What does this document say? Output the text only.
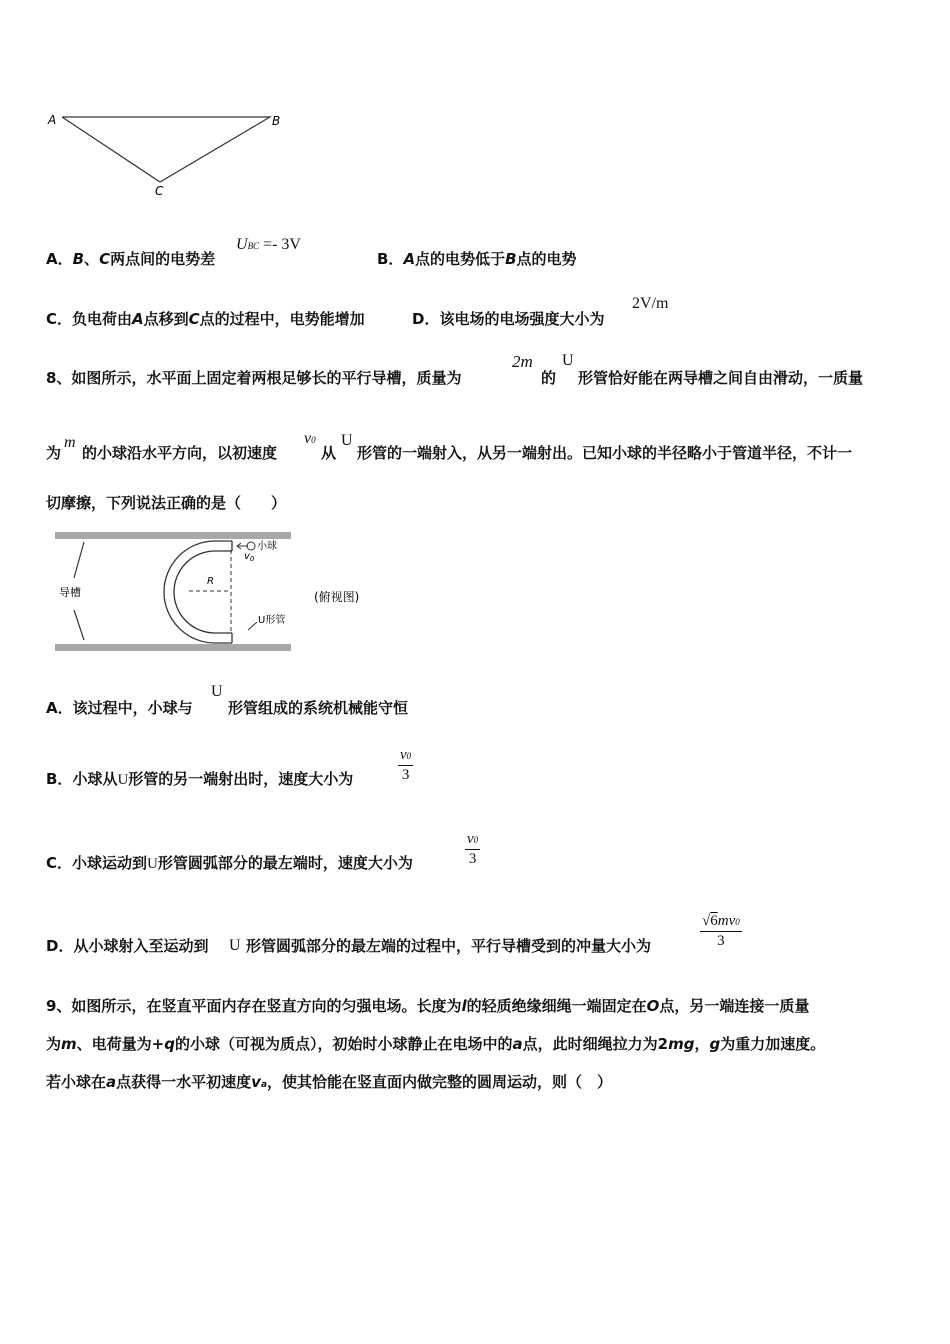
A	B
C
A．B、C两点间的电势差
UBC =- 3V
B．A点的电势低于B点的电势
C．负电荷由A点移到C点的过程中，电势能增加	D．该电场的电场强度大小为
2V/m
8、如图所示，水平面上固定着两根足够长的平行导槽，质量为
2m
的
U
形管恰好能在两导槽之间自由滑动，一质量
为
m
的小球沿水平方向，以初速度
v0
从
U
形管的一端射入，从另一端射出。已知小球的半径略小于管道半径，不计一
切摩擦，下列说法正确的是（　　）
导槽
小球
$v_0$
R
U形管
(俯视图)
A．该过程中，小球与
U
形管组成的系统机械能守恒
B．小球从U形管的另一端射出时，速度大小为	$\frac{v0}{3}$
C．小球运动到U形管圆弧部分的最左端时，速度大小为	$\frac{v0}{3}$
D．从小球射入至运动到 U 形管圆弧部分的最左端的过程中，平行导槽受到的冲量大小为	$\frac{√6mv0}{3}$
9、如图所示，在竖直平面内存在竖直方向的匀强电场。长度为l的轻质绝缘细绳一端固定在O点，另一端连接一质量
为m、电荷量为+q的小球（可视为质点），初始时小球静止在电场中的a点，此时细绳拉力为2mg，g为重力加速度。
若小球在a点获得一水平初速度va，使其恰能在竖直面内做完整的圆周运动，则（　）
